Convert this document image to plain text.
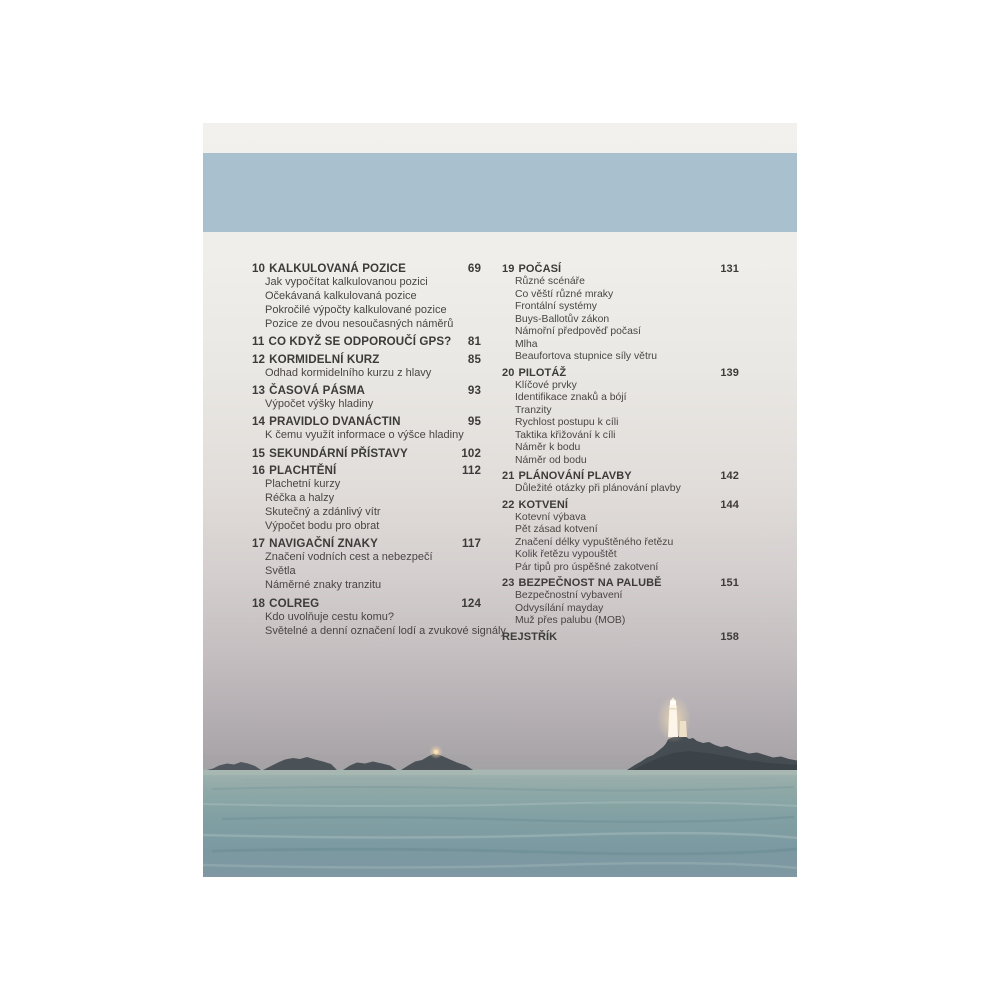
10 KALKULOVANÁ POZICE	69
Jak vypočítat kalkulovanou pozici
Očekávaná kalkulovaná pozice
Pokročilé výpočty kalkulované pozice
Pozice ze dvou nesoučasných náměrů
11 CO KDYŽ SE ODPOROUČÍ GPS? 81
12 KORMIDELNÍ KURZ	85
Odhad kormidelního kurzu z hlavy
13 ČASOVÁ PÁSMA	93
Výpočet výšky hladiny
14 PRAVIDLO DVANÁCTIN	95
K čemu využít informace o výšce hladiny
15 SEKUNDÁRNÍ PŘÍSTAVY	102
16 PLACHTĚNÍ	112
Plachetní kurzy
Réčka a halzy
Skutečný a zdánlivý vítr
Výpočet bodu pro obrat
17 NAVIGAČNÍ ZNAKY	117
Značení vodních cest a nebezpečí
Světla
Náměrné znaky tranzitu
18 COLREG	124
Kdo uvolňuje cestu komu?
Světelné a denní označení lodí a zvukové signály
19 POČASÍ	131
Různé scénáře
Co věští různé mraky
Frontální systémy
Buys-Ballotův zákon
Námořní předpověď počasí
Mlha
Beaufortova stupnice síly větru
20 PILOTÁŽ	139
Klíčové prvky
Identifikace znaků a bójí
Tranzity
Rychlost postupu k cíli
Taktika křižování k cíli
Náměr k bodu
Náměr od bodu
21 PLÁNOVÁNÍ PLAVBY	142
Důležité otázky při plánování plavby
22 KOTVENÍ	144
Kotevní výbava
Pět zásad kotvení
Značení délky vypuštěného řetězu
Kolik řetězu vypouštět
Pár tipů pro úspěšné zakotvení
23 BEZPEČNOST NA PALUBĚ	151
Bezpečnostní vybavení
Odvysílání mayday
Muž přes palubu (MOB)
REJSTŘÍK	158
